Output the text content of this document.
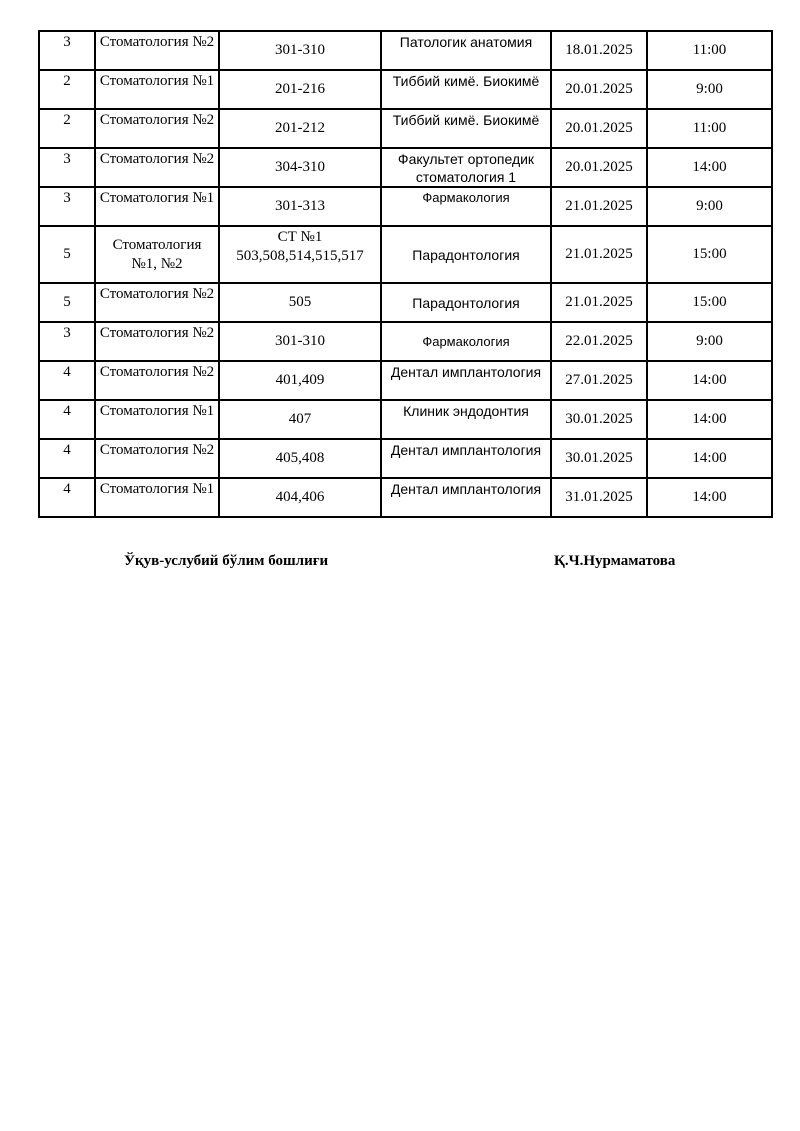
3	Стоматология №2	301-310	Патологик анатомия	18.01.2025	11:00
2	Стоматология №1	201-216	Тиббий кимё. Биокимё	20.01.2025	9:00
2	Стоматология №2	201-212	Тиббий кимё. Биокимё	20.01.2025	11:00
3	Стоматология №2	304-310	Факультет ортопедик стоматология 1	20.01.2025	14:00
3	Стоматология №1	301-313	Фармакология	21.01.2025	9:00
5	Стоматология №1, №2	СТ №1 503,508,514,515,517	Парадонтология	21.01.2025	15:00
5	Стоматология №2	505	Парадонтология	21.01.2025	15:00
3	Стоматология №2	301-310	Фармакология	22.01.2025	9:00
4	Стоматология №2	401,409	Дентал имплантология	27.01.2025	14:00
4	Стоматология №1	407	Клиник эндодонтия	30.01.2025	14:00
4	Стоматология №2	405,408	Дентал имплантология	30.01.2025	14:00
4	Стоматология №1	404,406	Дентал имплантология	31.01.2025	14:00
Ўқув-услубий бўлим бошлиғи	Қ.Ч.Нурмаматова
